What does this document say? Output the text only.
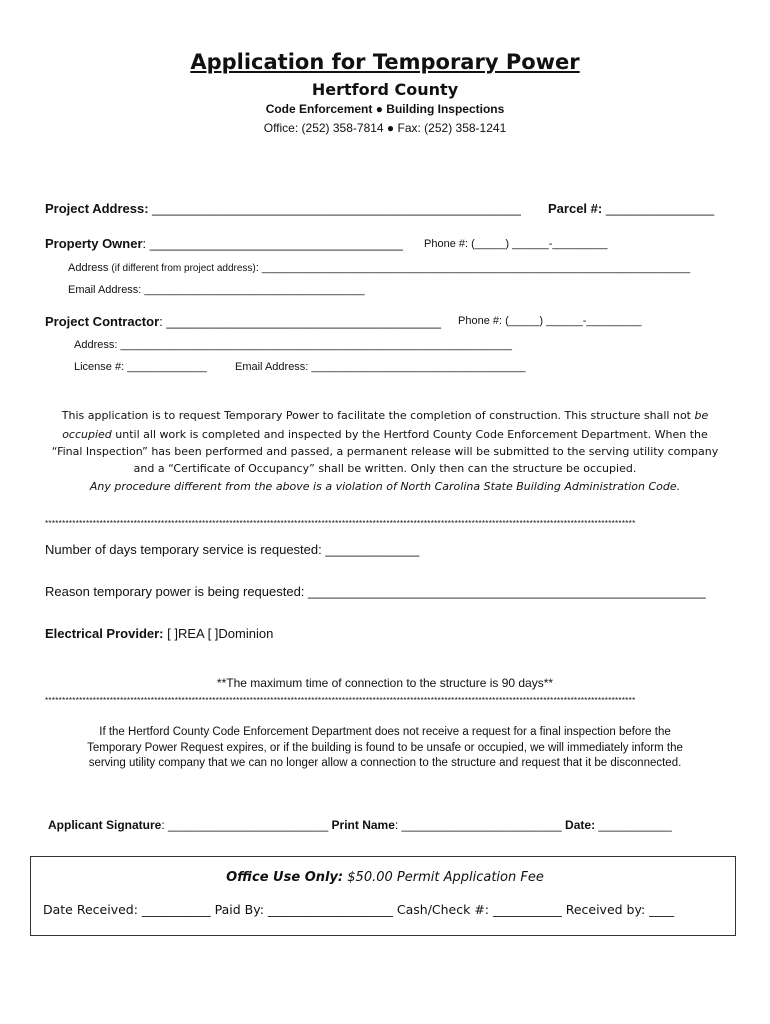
Application for Temporary Power
Hertford County
Code Enforcement ● Building Inspections
Office: (252) 358-7814 ● Fax: (252) 358-1241
Project Address: ___________________________________________________ Parcel #: _______________
Property Owner: ___________________________________ Phone #: (_____) ______-_________
Address (if different from project address): ______________________________________________________________________
Email Address: ____________________________________
Project Contractor: ______________________________________ Phone #: (_____) ______-_________
Address: ________________________________________________________________
License #: _____________	Email Address: ___________________________________
This application is to request Temporary Power to facilitate the completion of construction. This structure shall not be
occupied until all work is completed and inspected by the Hertford County Code Enforcement Department. When the
“Final Inspection” has been performed and passed, a permanent release will be submitted to the serving utility company
and a “Certificate of Occupancy” shall be written. Only then can the structure be occupied.
Any procedure different from the above is a violation of North Carolina State Building Administration Code.
*****************************************************************************************************************************************************************************
Number of days temporary service is requested: _____________
Reason temporary power is being requested: _______________________________________________________
Electrical Provider: [ ]REA [ ]Dominion
**The maximum time of connection to the structure is 90 days**
*****************************************************************************************************************************************************************************
If the Hertford County Code Enforcement Department does not receive a request for a final inspection before the
Temporary Power Request expires, or if the building is found to be unsafe or occupied, we will immediately inform the
serving utility company that we can no longer allow a connection to the structure and request that it be disconnected.
Applicant Signature: ________________________ Print Name: ________________________ Date: ___________
Office Use Only: $50.00 Permit Application Fee
Date Received: ___________ Paid By: ____________________ Cash/Check #: ___________ Received by: ____
